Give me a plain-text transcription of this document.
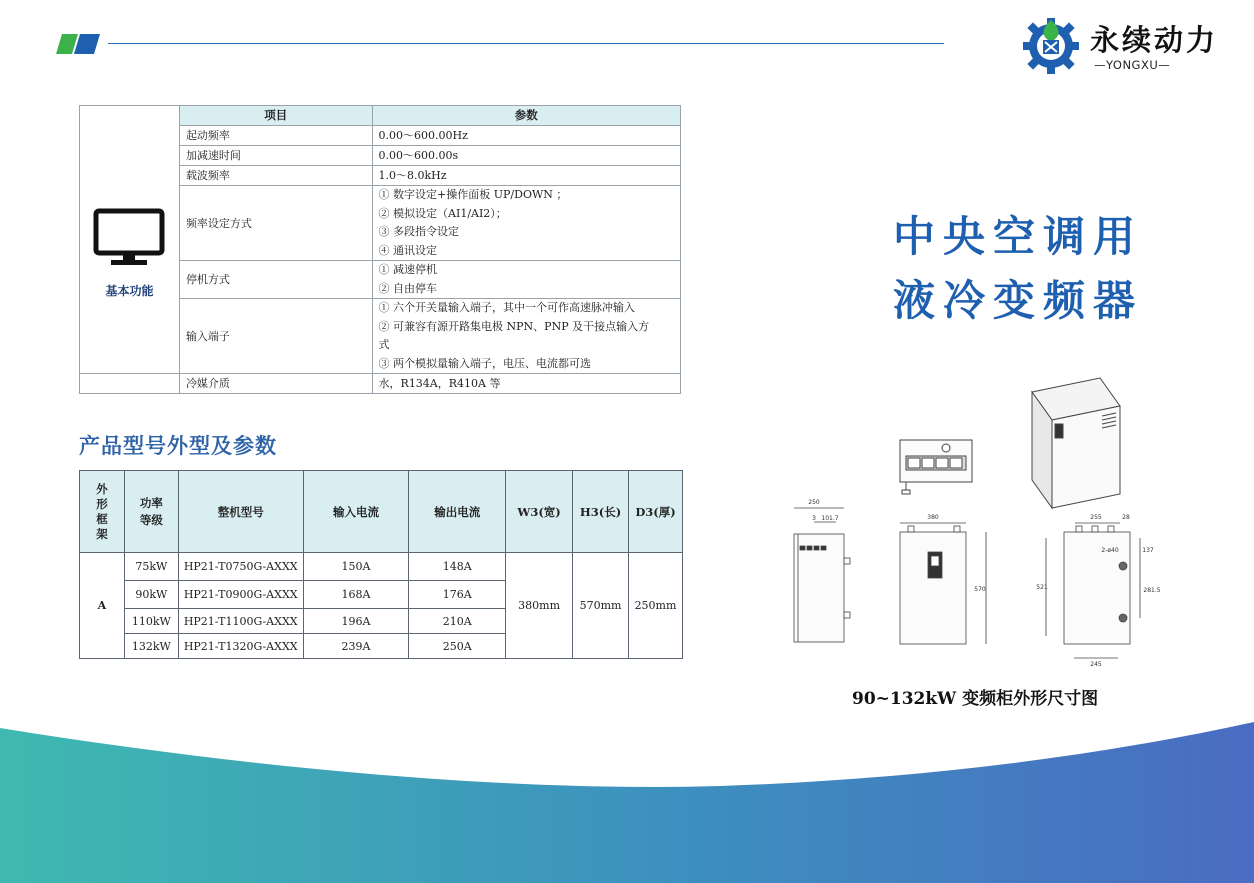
永续动力
—YONGXU—
基本功能	项目	参数
	起动频率	0.00～600.00Hz
	加减速时间	0.00～600.00s
	载波频率	1.0～8.0kHz
	频率设定方式	① 数字设定+操作面板 UP/DOWN ；
② 模拟设定（AI1/AI2）；
③ 多段指令设定
④ 通讯设定

	停机方式	① 减速停机
② 自由停车

	输入端子	① 六个开关量输入端子，其中一个可作高速脉冲输入
② 可兼容有源开路集电极 NPN、PNP 及干接点输入方
式
③ 两个模拟量输入端子，电压、电流都可选

	冷媒介质	水，R134A，R410A 等
产品型号外型及参数
外
形
框
架	功率
等级	整机型号	输入电流	输出电流	W3(宽)	H3(长)	D3(厚)
A	75kW	HP21-T0750G-AXXX	150A	148A	380mm	570mm	250mm
	90kW	HP21-T0900G-AXXX	168A	176A			
	110kW	HP21-T1100G-AXXX	196A	210A			
	132kW	HP21-T1320G-AXXX	239A	250A			
中央空调用
液冷变频器
250
3 101.7	380
570
255	28
2-ø40	137
281.5
521
245
90~132kW 变频柜外形尺寸图
